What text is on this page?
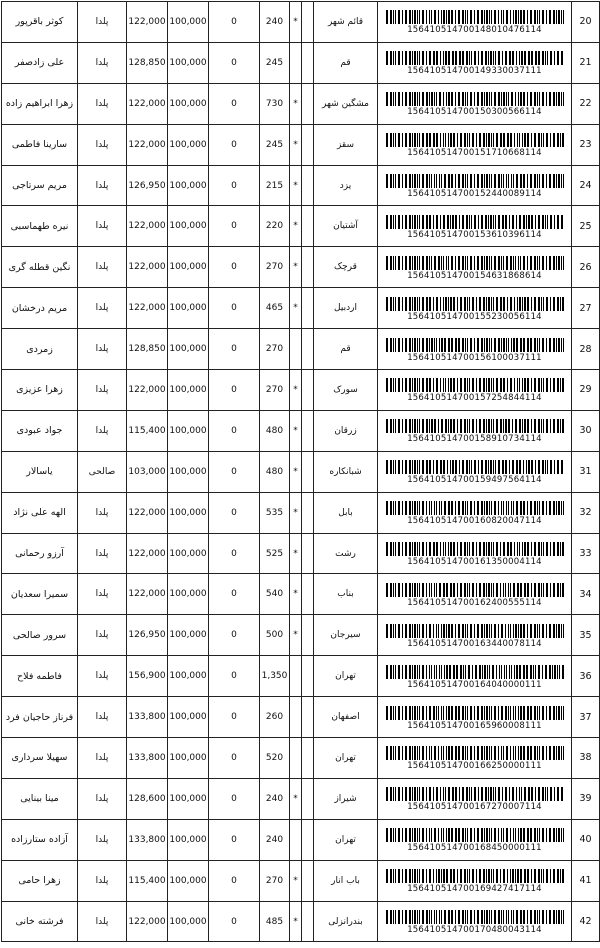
کوثر باقرپور	پلدا	122,000	100,000	0	240	*		قائم شهر	156410514700148010476114	20
علی زادصفر	پلدا	128,850	100,000	0	245			قم	156410514700149330037111	21
زهرا ابراهیم زاده	پلدا	122,000	100,000	0	730	*		مشگین شهر	156410514700150300566114	22
سارینا فاطمی	پلدا	122,000	100,000	0	245	*		سقز	156410514700151710668114	23
مریم سرتاجی	پلدا	126,950	100,000	0	215	*		یزد	156410514700152440089114	24
نیره طهماسبی	پلدا	122,000	100,000	0	220	*		آشتیان	156410514700153610396114	25
نگین قطله گری	پلدا	122,000	100,000	0	270	*		قرچک	156410514700154631868614	26
مریم درخشان	پلدا	122,000	100,000	0	465	*		اردبیل	156410514700155230056114	27
زمردی	پلدا	128,850	100,000	0	270			قم	156410514700156100037111	28
زهرا عزیزی	پلدا	122,000	100,000	0	270	*		سورک	156410514700157254844114	29
جواد عبودی	پلدا	115,400	100,000	0	480	*		زرقان	156410514700158910734114	30
یاسالار	صالحی	103,000	100,000	0	480	*		شبانکاره	156410514700159497564114	31
الهه علی نژاد	پلدا	122,000	100,000	0	535	*		بابل	156410514700160820047114	32
آرزو رحمانی	پلدا	122,000	100,000	0	525	*		رشت	156410514700161350004114	33
سمیرا سعدیان	پلدا	122,000	100,000	0	540	*		بناب	156410514700162400555114	34
سرور صالحی	پلدا	126,950	100,000	0	500	*		سیرجان	156410514700163440078114	35
فاطمه فلاح	پلدا	156,900	100,000	0	1,350			تهران	156410514700164040000111	36
فرناز حاجیان فرد	پلدا	133,800	100,000	0	260			اصفهان	156410514700165960008111	37
سهیلا سرداری	پلدا	133,800	100,000	0	520			تهران	156410514700166250000111	38
مینا بینایی	پلدا	128,600	100,000	0	240	*		شیراز	156410514700167270007114	39
آزاده ستارزاده	پلدا	133,800	100,000	0	240			تهران	156410514700168450000111	40
زهرا حامی	پلدا	115,400	100,000	0	270	*		باب انار	156410514700169427417114	41
فرشته خانی	پلدا	122,000	100,000	0	485	*		بندرانزلی	156410514700170480043114	42
